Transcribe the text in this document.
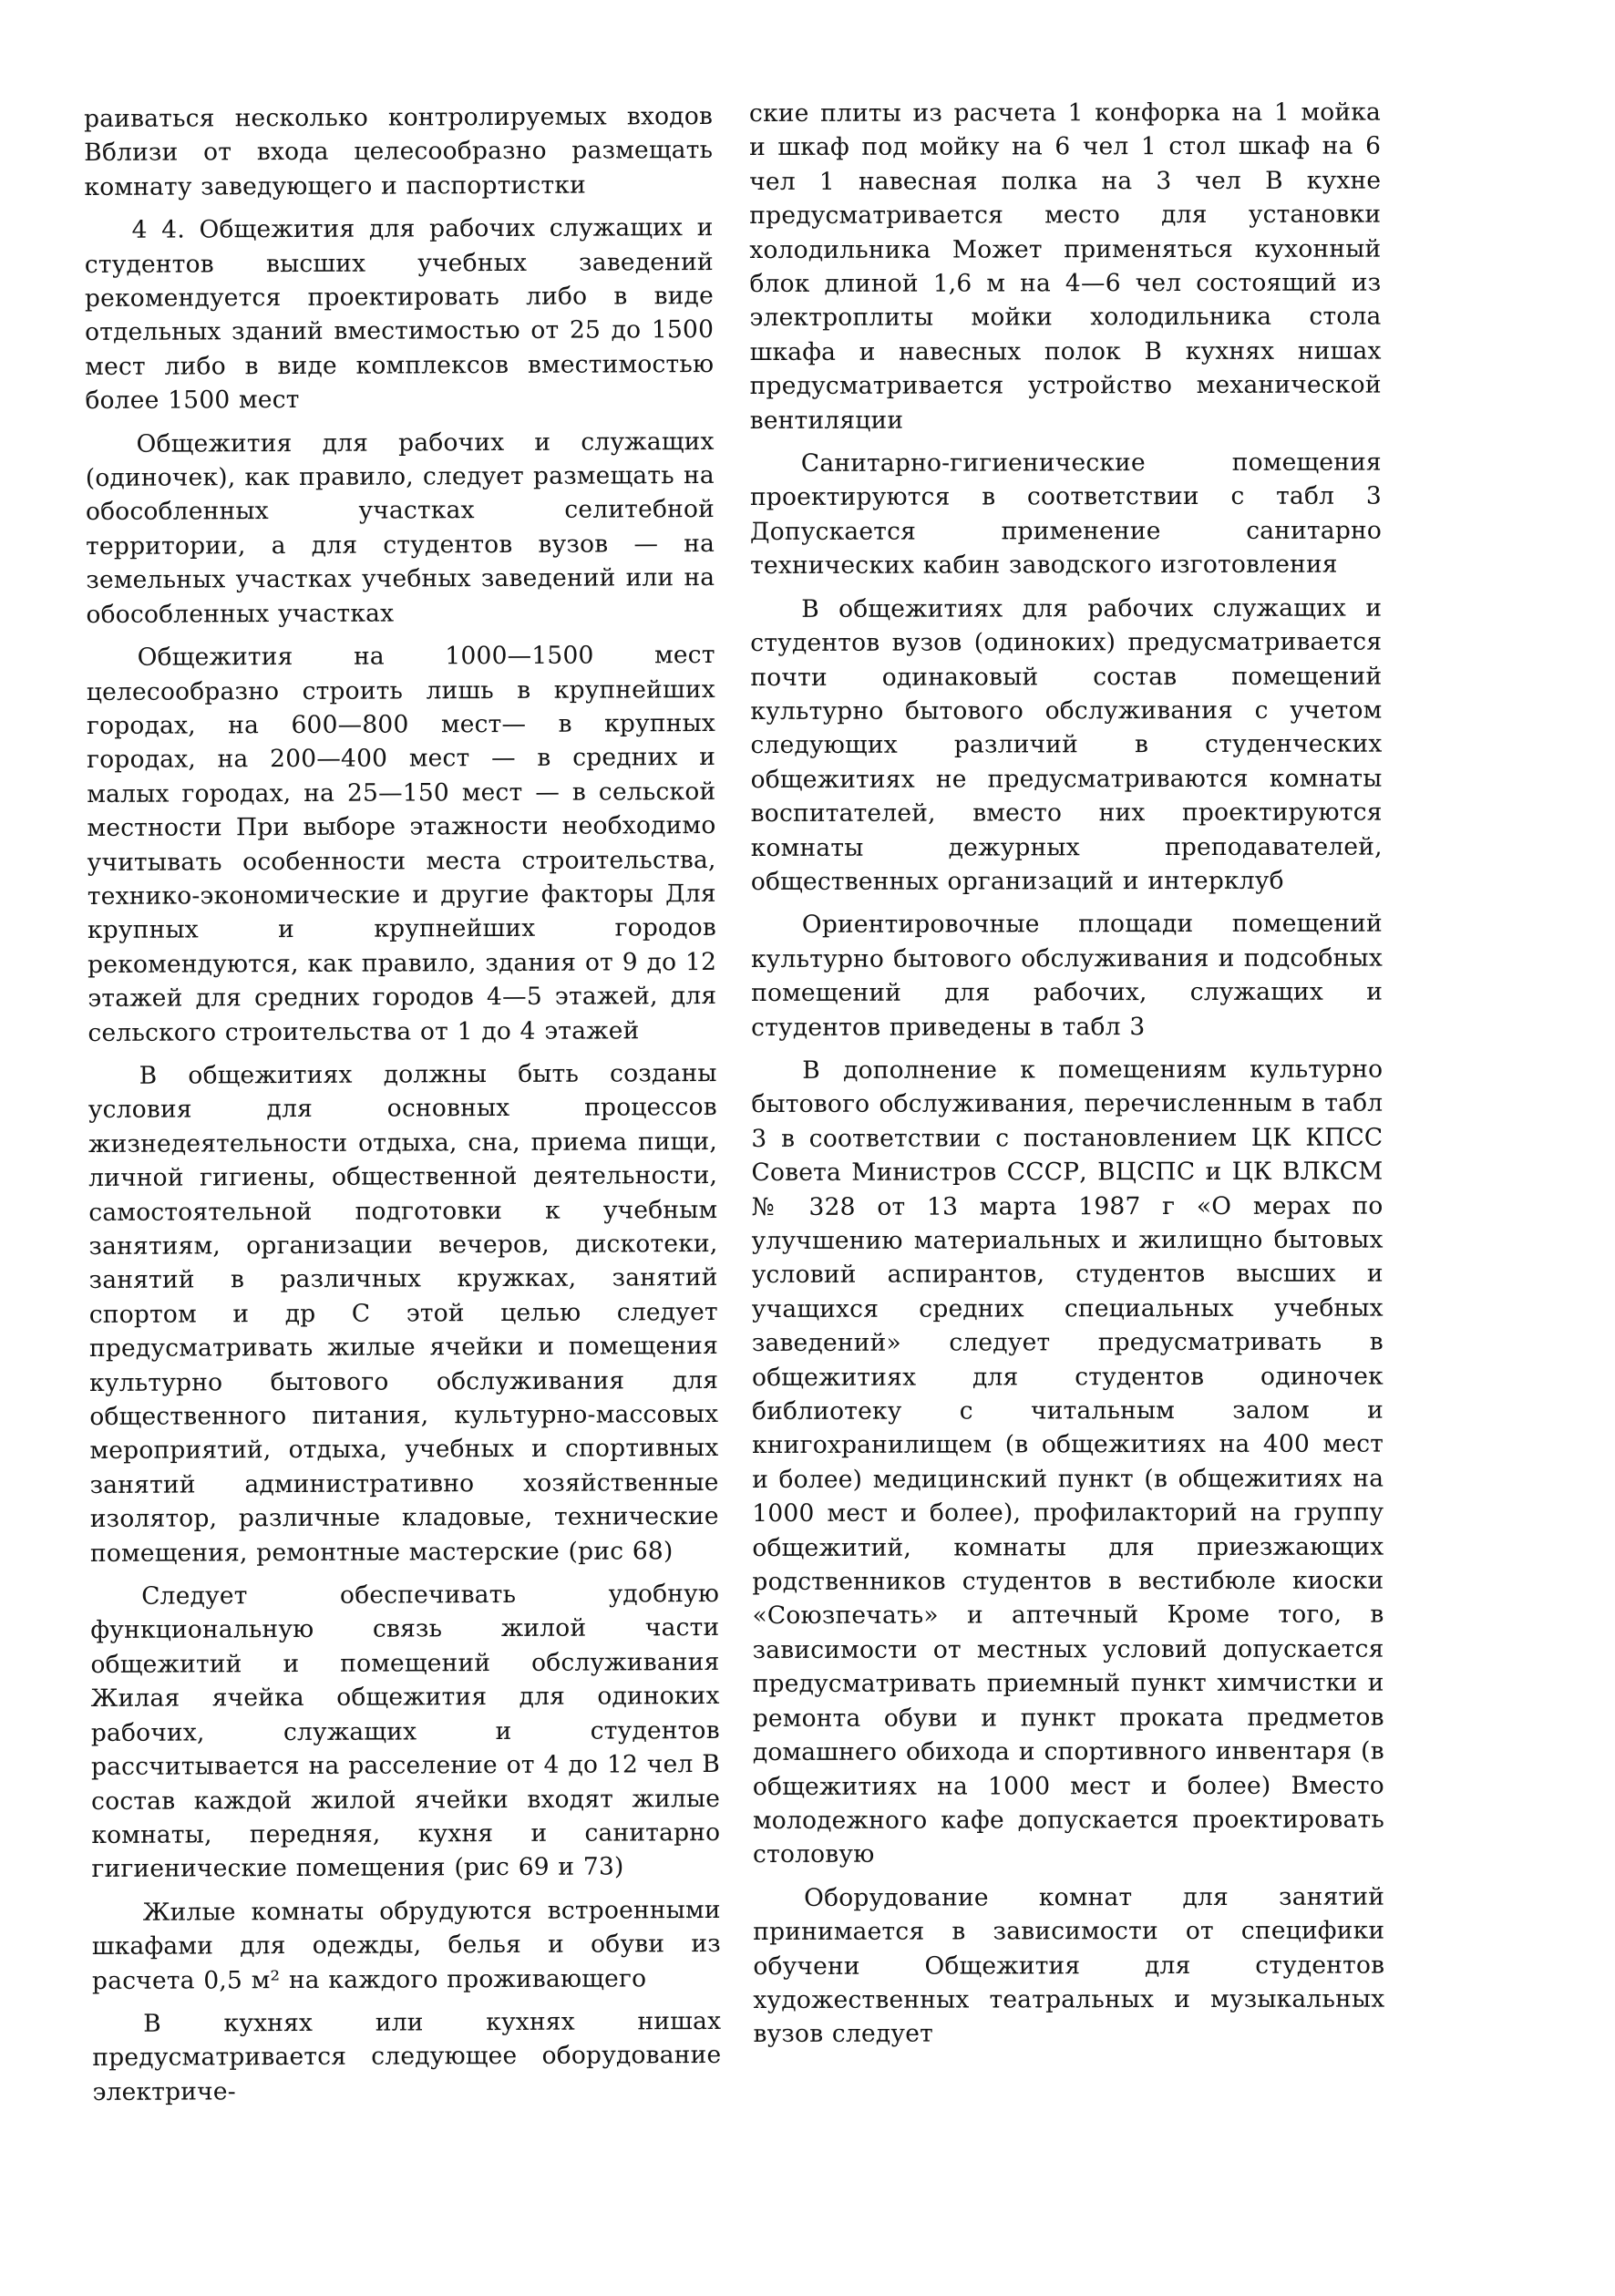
раиваться несколько контролируемых входов Вблизи от входа целесообразно размещать комнату заведующего и паспортистки

4 4. Общежития для рабочих служащих и студентов высших учебных заведений рекомендуется проектировать либо в виде отдельных зданий вместимостью от 25 до 1500 мест либо в виде комплексов вместимостью более 1500 мест

Общежития для рабочих и служащих (одиночек), как правило, следует размещать на обособленных участках селитебной территории, а для студентов вузов — на земельных участках учебных заведений или на обособленных участках

Общежития на 1000—1500 мест целесообразно строить лишь в крупнейших городах, на 600—800 мест— в крупных городах, на 200—400 мест — в средних и малых городах, на 25—150 мест — в сельской местности При выборе этажности необходимо учитывать особенности места строительства, технико-экономические и другие факторы Для крупных и крупнейших городов рекомендуются, как правило, здания от 9 до 12 этажей для средних городов 4—5 этажей, для сельского строительства от 1 до 4 этажей

В общежитиях должны быть созданы условия для основных процессов жизнедеятельности отдыха, сна, приема пищи, личной гигиены, общественной деятельности, самостоятельной подготовки к учебным занятиям, организации вечеров, дискотеки, занятий в различных кружках, занятий спортом и др С этой целью следует предусматривать жилые ячейки и помещения культурно бытового обслуживания для общественного питания, культурно-массовых мероприятий, отдыха, учебных и спортивных занятий административно хозяйственные изолятор, различные кладовые, технические помещения, ремонтные мастерские (рис 68)

Следует обеспечивать удобную функциональную связь жилой части общежитий и помещений обслуживания Жилая ячейка общежития для одиноких рабочих, служащих и студентов рассчитывается на расселение от 4 до 12 чел В состав каждой жилой ячейки входят жилые комнаты, передняя, кухня и санитарно гигиенические помещения (рис 69 и 73)

Жилые комнаты обрудуются встроенными шкафами для одежды, белья и обуви из расчета 0,5 м² на каждого проживающего

В кухнях или кухнях нишах предусматривается следующее оборудование электриче-

ские плиты из расчета 1 конфорка на 1 мойка и шкаф под мойку на 6 чел 1 стол шкаф на 6 чел 1 навесная полка на 3 чел В кухне предусматривается место для установки холодильника Может применяться кухонный блок длиной 1,6 м на 4—6 чел состоящий из электроплиты мойки холодильника стола шкафа и навесных полок В кухнях нишах предусматривается устройство механической вентиляции

Санитарно-гигиенические помещения проектируются в соответствии с табл 3 Допускается применение санитарно технических кабин заводского изготовления

В общежитиях для рабочих служащих и студентов вузов (одиноких) предусматривается почти одинаковый состав помещений культурно бытового обслуживания с учетом следующих различий в студенческих общежитиях не предусматриваются комнаты воспитателей, вместо них проектируются комнаты дежурных преподавателей, общественных организаций и интерклуб

Ориентировочные площади помещений культурно бытового обслуживания и подсобных помещений для рабочих, служащих и студентов приведены в табл 3

В дополнение к помещениям культурно бытового обслуживания, перечисленным в табл 3 в соответствии с постановлением ЦК КПСС Совета Министров СССР, ВЦСПС и ЦК ВЛКСМ № 328 от 13 марта 1987 г «О мерах по улучшению материальных и жилищно бытовых условий аспирантов, студентов высших и учащихся средних специальных учебных заведений» следует предусматривать в общежитиях для студентов одиночек библиотеку с читальным залом и книгохранилищем (в общежитиях на 400 мест и более) медицинский пункт (в общежитиях на 1000 мест и более), профилакторий на группу общежитий, комнаты для приезжающих родственников студентов в вестибюле киоски «Союзпечать» и аптечный Кроме того, в зависимости от местных условий допускается предусматривать приемный пункт химчистки и ремонта обуви и пункт проката предметов домашнего обихода и спортивного инвентаря (в общежитиях на 1000 мест и более) Вместо молодежного кафе допускается проектировать столовую

Оборудование комнат для занятий принимается в зависимости от специфики обучени Общежития для студентов художественных театральных и музыкальных вузов следует
